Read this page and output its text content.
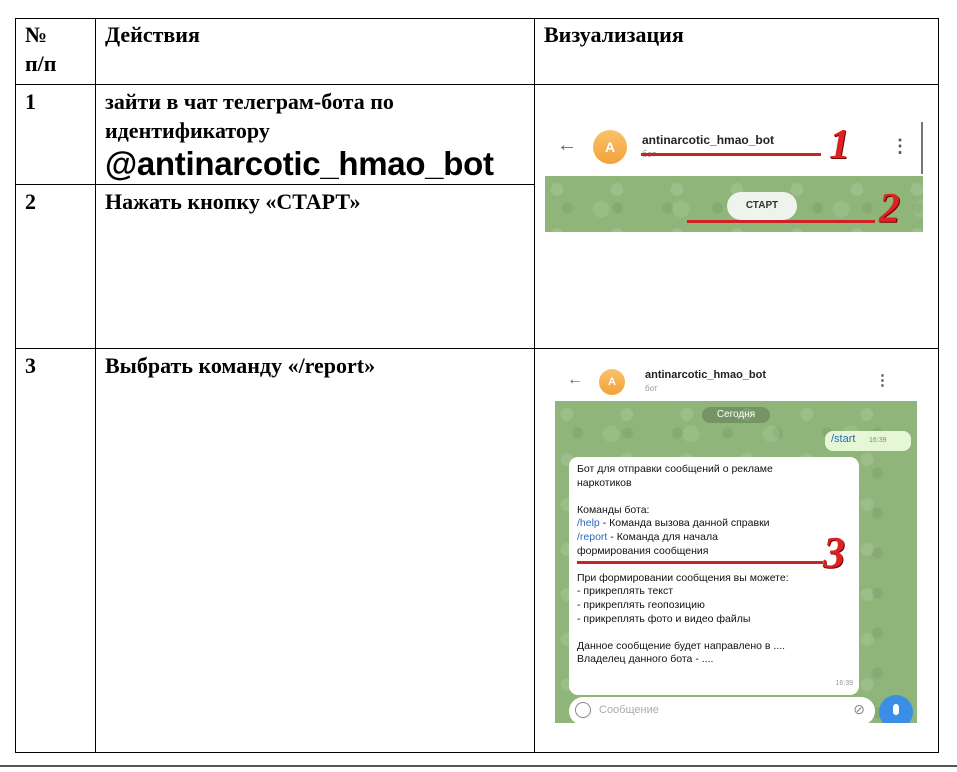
№
п/п
Действия	Визуализация
1	зайти в чат телеграм-бота по
идентификатору
@antinarcotic_hmao_bot
2	Нажать кнопку «СТАРТ»
3	Выбрать команду «/report»
←	A	antinarcotic_hmao_bot	⋮
СТАРТ
1
2
←	A
antinarcotic_hmao_bot
бот	⋮
Сегодня
/start 16:39
Бот для отправки сообщений о рекламе
наркотиков
Команды бота:
/help - Команда вызова данной справки
/report - Команда для начала
формирования сообщения
При формировании сообщения вы можете:
- прикреплять текст
- прикреплять геопозицию
- прикреплять фото и видео файлы
Данное сообщение будет направлено в ....
Владелец данного бота - ....
16:39
3
Сообщение	⊘
